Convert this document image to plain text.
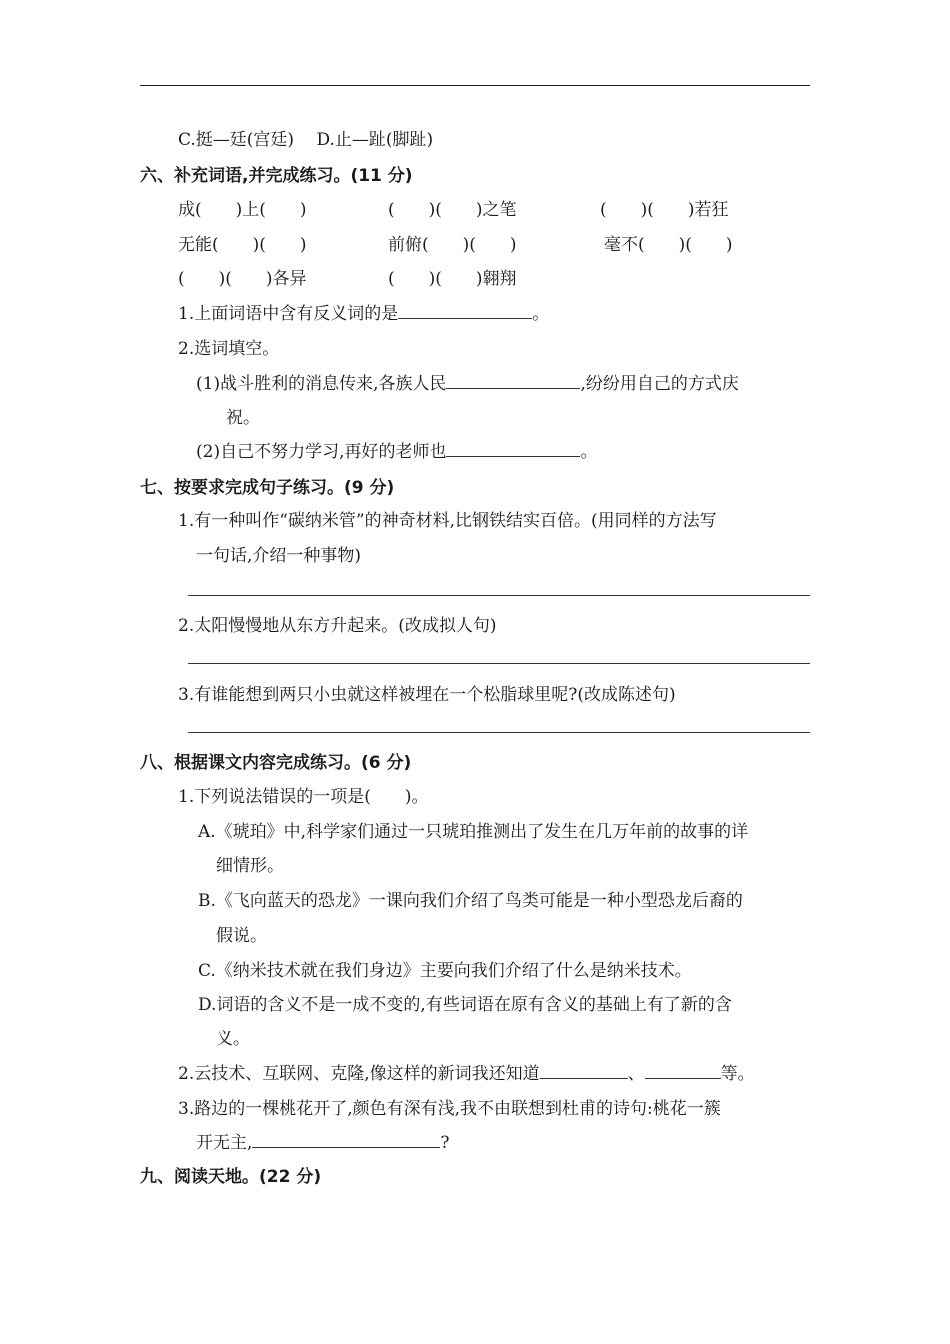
C.挺—廷(宫廷)　 D.止—趾(脚趾)
六、补充词语,并完成练习。(11 分)
成(　　)上(　　)	(　　)(　　)之笔	(　　)(　　)若狂
无能(　　)(　　)	前俯(　　)(　　)	毫不(　　)(　　)
(　　)(　　)各异	(　　)(　　)翱翔
1.上面词语中含有反义词的是	。
2.选词填空。
(1)战斗胜利的消息传来,各族人民	,纷纷用自己的方式庆
祝。
(2)自己不努力学习,再好的老师也	。
七、按要求完成句子练习。(9 分)
1.有一种叫作“碳纳米管”的神奇材料,比钢铁结实百倍。(用同样的方法写
一句话,介绍一种事物)
2.太阳慢慢地从东方升起来。(改成拟人句)
3.有谁能想到两只小虫就这样被埋在一个松脂球里呢?(改成陈述句)
八、根据课文内容完成练习。(6 分)
1.下列说法错误的一项是(　　)。
A.《琥珀》中,科学家们通过一只琥珀推测出了发生在几万年前的故事的详
细情形。
B.《飞向蓝天的恐龙》一课向我们介绍了鸟类可能是一种小型恐龙后裔的
假说。
C.《纳米技术就在我们身边》主要向我们介绍了什么是纳米技术。
D.词语的含义不是一成不变的,有些词语在原有含义的基础上有了新的含
义。
2.云技术、互联网、克隆,像这样的新词我还知道	、	等。
3.路边的一棵桃花开了,颜色有深有浅,我不由联想到杜甫的诗句:桃花一簇
开无主,	?
九、阅读天地。(22 分)
